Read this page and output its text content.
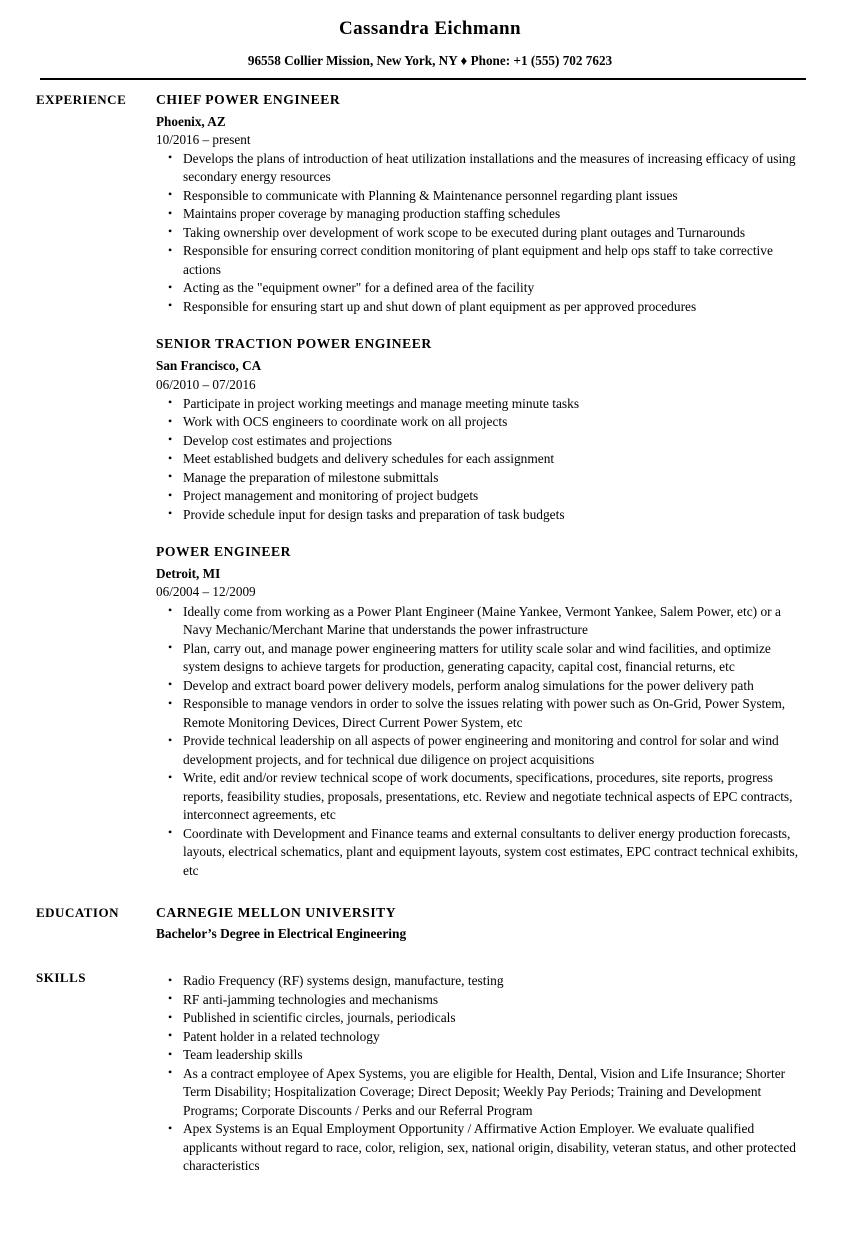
Cassandra Eichmann
96558 Collier Mission, New York, NY ♦ Phone: +1 (555) 702 7623
EXPERIENCE	CHIEF POWER ENGINEER
Phoenix, AZ
10/2016 – present
• Develops the plans of introduction of heat utilization installations and the measures of increasing efficacy of using secondary energy resources
• Responsible to communicate with Planning & Maintenance personnel regarding plant issues
• Maintains proper coverage by managing production staffing schedules
• Taking ownership over development of work scope to be executed during plant outages and Turnarounds
• Responsible for ensuring correct condition monitoring of plant equipment and help ops staff to take corrective actions
• Acting as the "equipment owner" for a defined area of the facility
• Responsible for ensuring start up and shut down of plant equipment as per approved procedures
SENIOR TRACTION POWER ENGINEER
San Francisco, CA
06/2010 – 07/2016
• Participate in project working meetings and manage meeting minute tasks
• Work with OCS engineers to coordinate work on all projects
• Develop cost estimates and projections
• Meet established budgets and delivery schedules for each assignment
• Manage the preparation of milestone submittals
• Project management and monitoring of project budgets
• Provide schedule input for design tasks and preparation of task budgets
POWER ENGINEER
Detroit, MI
06/2004 – 12/2009
• Ideally come from working as a Power Plant Engineer (Maine Yankee, Vermont Yankee, Salem Power, etc) or a Navy Mechanic/Merchant Marine that understands the power infrastructure
• Plan, carry out, and manage power engineering matters for utility scale solar and wind facilities, and optimize system designs to achieve targets for production, generating capacity, capital cost, financial returns, etc
• Develop and extract board power delivery models, perform analog simulations for the power delivery path
• Responsible to manage vendors in order to solve the issues relating with power such as On-Grid, Power System, Remote Monitoring Devices, Direct Current Power System, etc
• Provide technical leadership on all aspects of power engineering and monitoring and control for solar and wind development projects, and for technical due diligence on project acquisitions
• Write, edit and/or review technical scope of work documents, specifications, procedures, site reports, progress reports, feasibility studies, proposals, presentations, etc. Review and negotiate technical aspects of EPC contracts, interconnect agreements, etc
• Coordinate with Development and Finance teams and external consultants to deliver energy production forecasts, layouts, electrical schematics, plant and equipment layouts, system cost estimates, EPC contract technical exhibits, etc
EDUCATION	CARNEGIE MELLON UNIVERSITY
Bachelor’s Degree in Electrical Engineering
SKILLS	• Radio Frequency (RF) systems design, manufacture, testing
• RF anti-jamming technologies and mechanisms
• Published in scientific circles, journals, periodicals
• Patent holder in a related technology
• Team leadership skills
• As a contract employee of Apex Systems, you are eligible for Health, Dental, Vision and Life Insurance; Shorter Term Disability; Hospitalization Coverage; Direct Deposit; Weekly Pay Periods; Training and Development Programs; Corporate Discounts / Perks and our Referral Program
• Apex Systems is an Equal Employment Opportunity / Affirmative Action Employer. We evaluate qualified applicants without regard to race, color, religion, sex, national origin, disability, veteran status, and other protected characteristics
